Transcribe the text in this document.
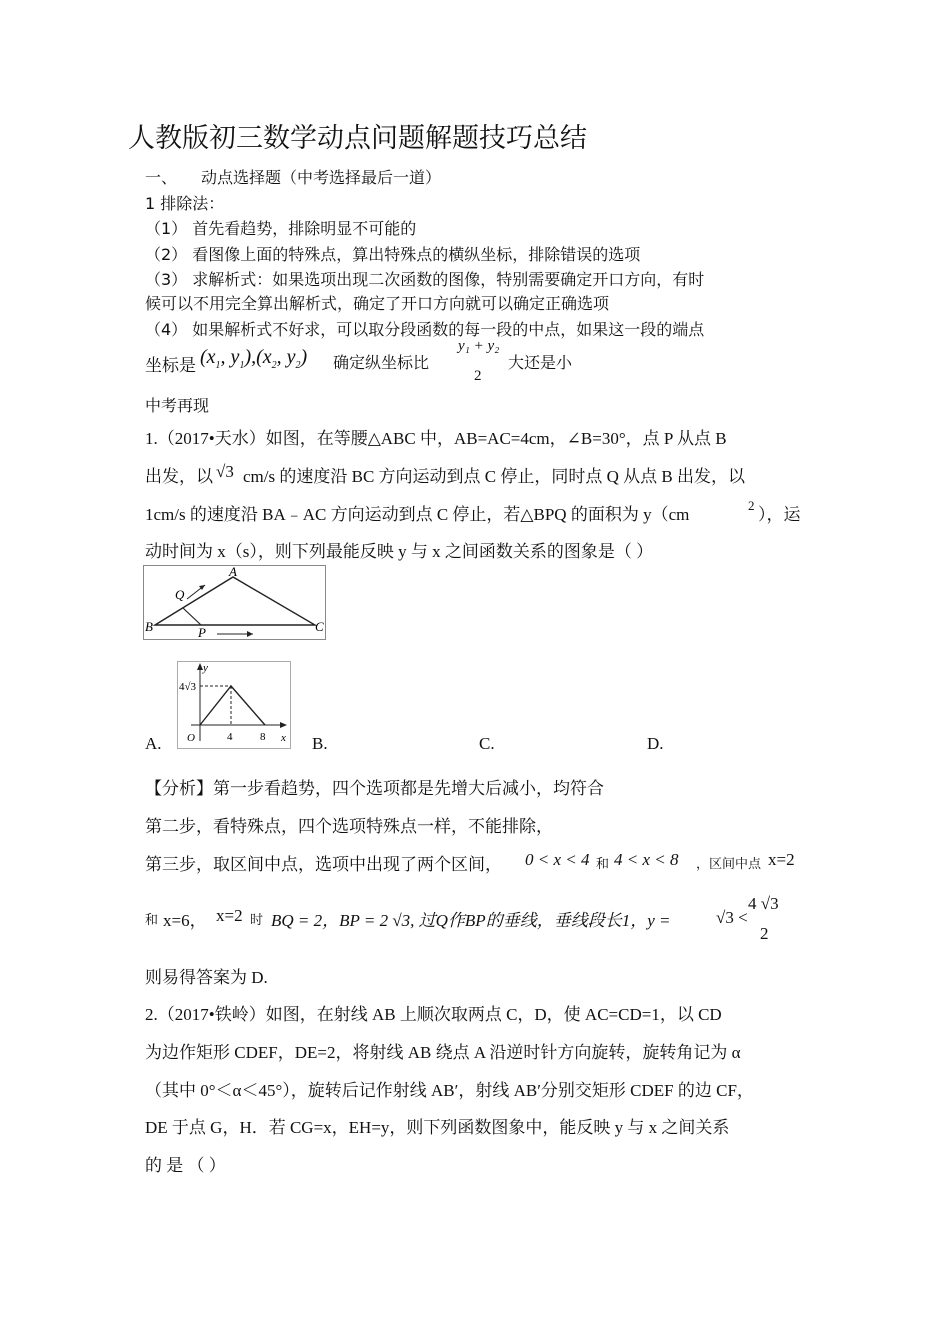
人教版初三数学动点问题解题技巧总结
一、 动点选择题（中考选择最后一道）
1 排除法：
（1） 首先看趋势，排除明显不可能的
（2） 看图像上面的特殊点，算出特殊点的横纵坐标，排除错误的选项
（3） 求解析式：如果选项出现二次函数的图像，特别需要确定开口方向，有时
候可以不用完全算出解析式，确定了开口方向就可以确定正确选项
（4） 如果解析式不好求，可以取分段函数的每一段的中点，如果这一段的端点
坐标是 ($x_1$, $y_1),(x_2$, $y_2$) 确定纵坐标比
y₁ + y₂
2
大还是小
中考再现
1.（2017•天水）如图，在等腰△ABC 中，AB=AC=4cm，∠B=30°，点 P 从点 B
出发，以 √3 cm/s 的速度沿 BC 方向运动到点 C 停止，同时点 Q 从点 B 出发，以
1cm/s 的速度沿 BA﹣AC 方向运动到点 C 停止，若△BPQ 的面积为 y（cm	2 ），运
动时间为 x（s），则下列最能反映 y 与 x 之间函数关系的图象是（ ）
A
B	C
Q
P
A.
y
x
O	4	8
4√3
B.	C.	D.
【分析】第一步看趋势，四个选项都是先增大后减小，均符合
第二步，看特殊点，四个选项特殊点一样，不能排除，
第三步，取区间中点，选项中出现了两个区间， 0 < x < 4 和 4 < x < 8 ，区间中点 x=2
和 x=6， x=2 时 BQ = 2，BP = 2 √3, 过Q作BP的垂线，垂线段长1，y =	√3 <
4 √3
2
则易得答案为 D.
2.（2017•铁岭）如图，在射线 AB 上顺次取两点 C，D，使 AC=CD=1，以 CD
为边作矩形 CDEF，DE=2，将射线 AB 绕点 A 沿逆时针方向旋转，旋转角记为 α
（其中 0°＜α＜45°），旋转后记作射线 AB′，射线 AB′分别交矩形 CDEF 的边 CF，
DE 于点 G，H．若 CG=x，EH=y，则下列函数图象中，能反映 y 与 x 之间关系
的 是 （ ）
